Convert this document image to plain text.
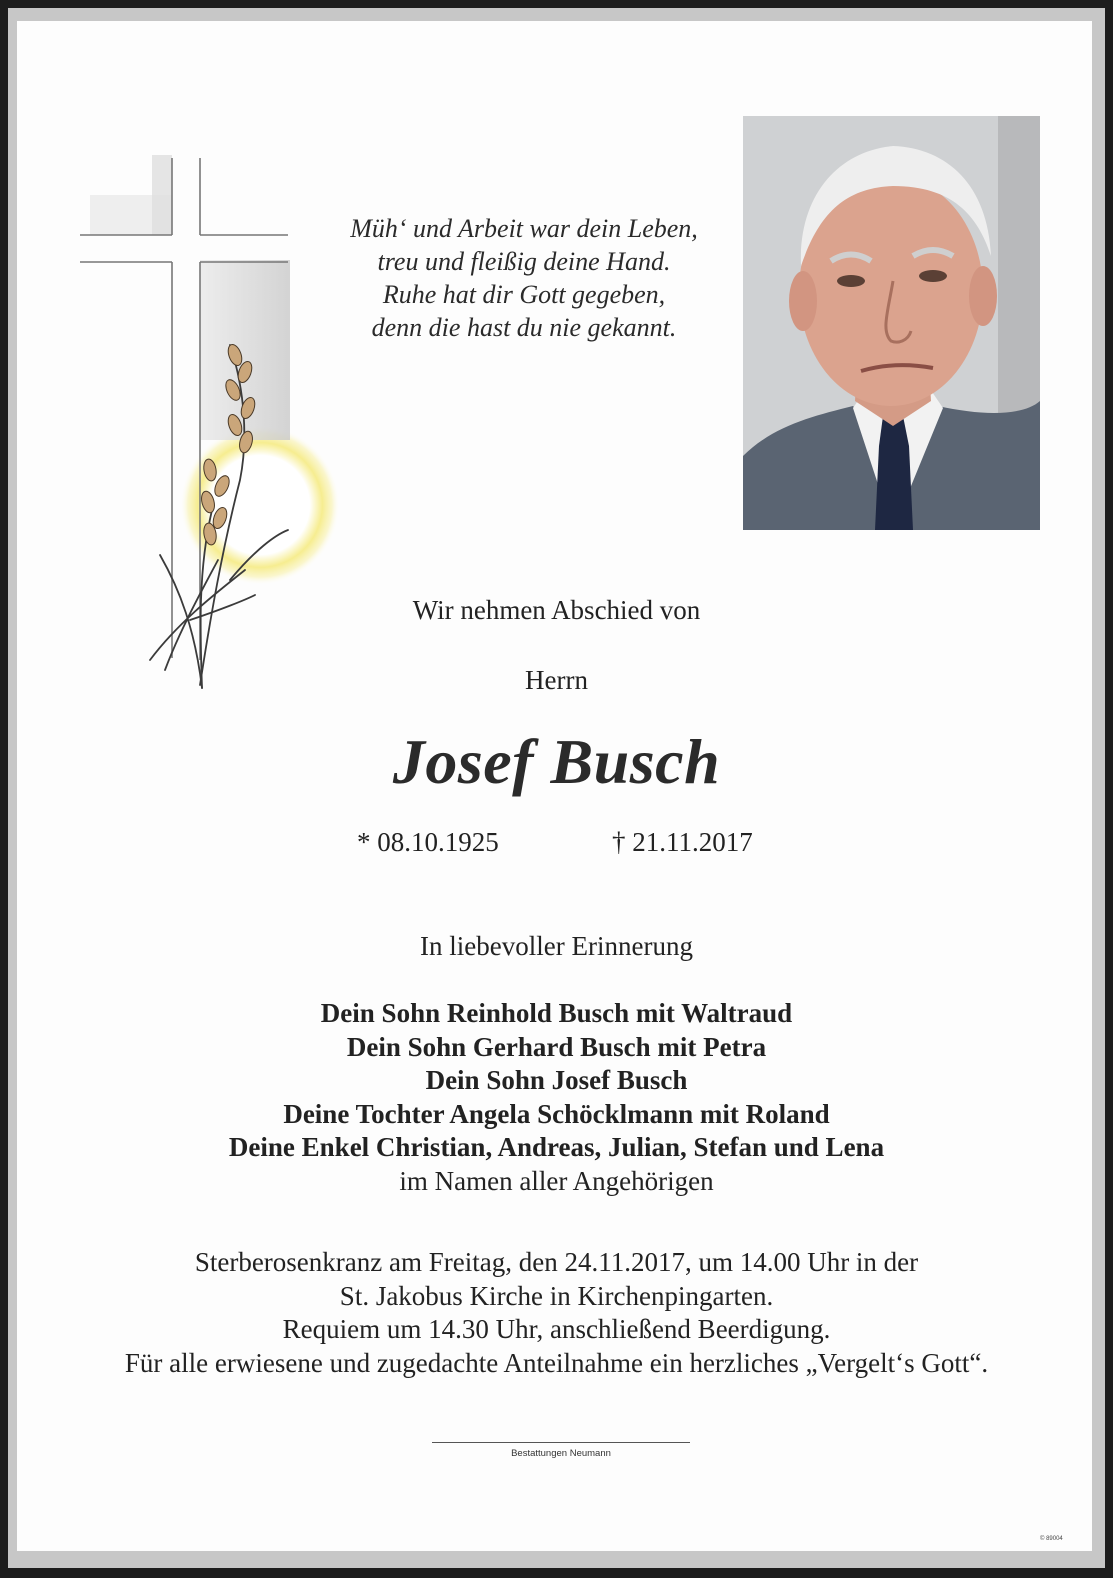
Müh‘ und Arbeit war dein Leben,
treu und fleißig deine Hand.
Ruhe hat dir Gott gegeben,
denn die hast du nie gekannt.
Wir nehmen Abschied von
Herrn
Josef Busch
* 08.10.1925	† 21.11.2017
In liebevoller Erinnerung
Dein Sohn Reinhold Busch mit Waltraud
Dein Sohn Gerhard Busch mit Petra
Dein Sohn Josef Busch
Deine Tochter Angela Schöcklmann mit Roland
Deine Enkel Christian, Andreas, Julian, Stefan und Lena
im Namen aller Angehörigen
Sterberosenkranz am Freitag, den 24.11.2017, um 14.00 Uhr in der
St. Jakobus Kirche in Kirchenpingarten.
Requiem um 14.30 Uhr, anschließend Beerdigung.
Für alle erwiesene und zugedachte Anteilnahme ein herzliches „Vergelt‘s Gott“.
Bestattungen Neumann
© 89004
